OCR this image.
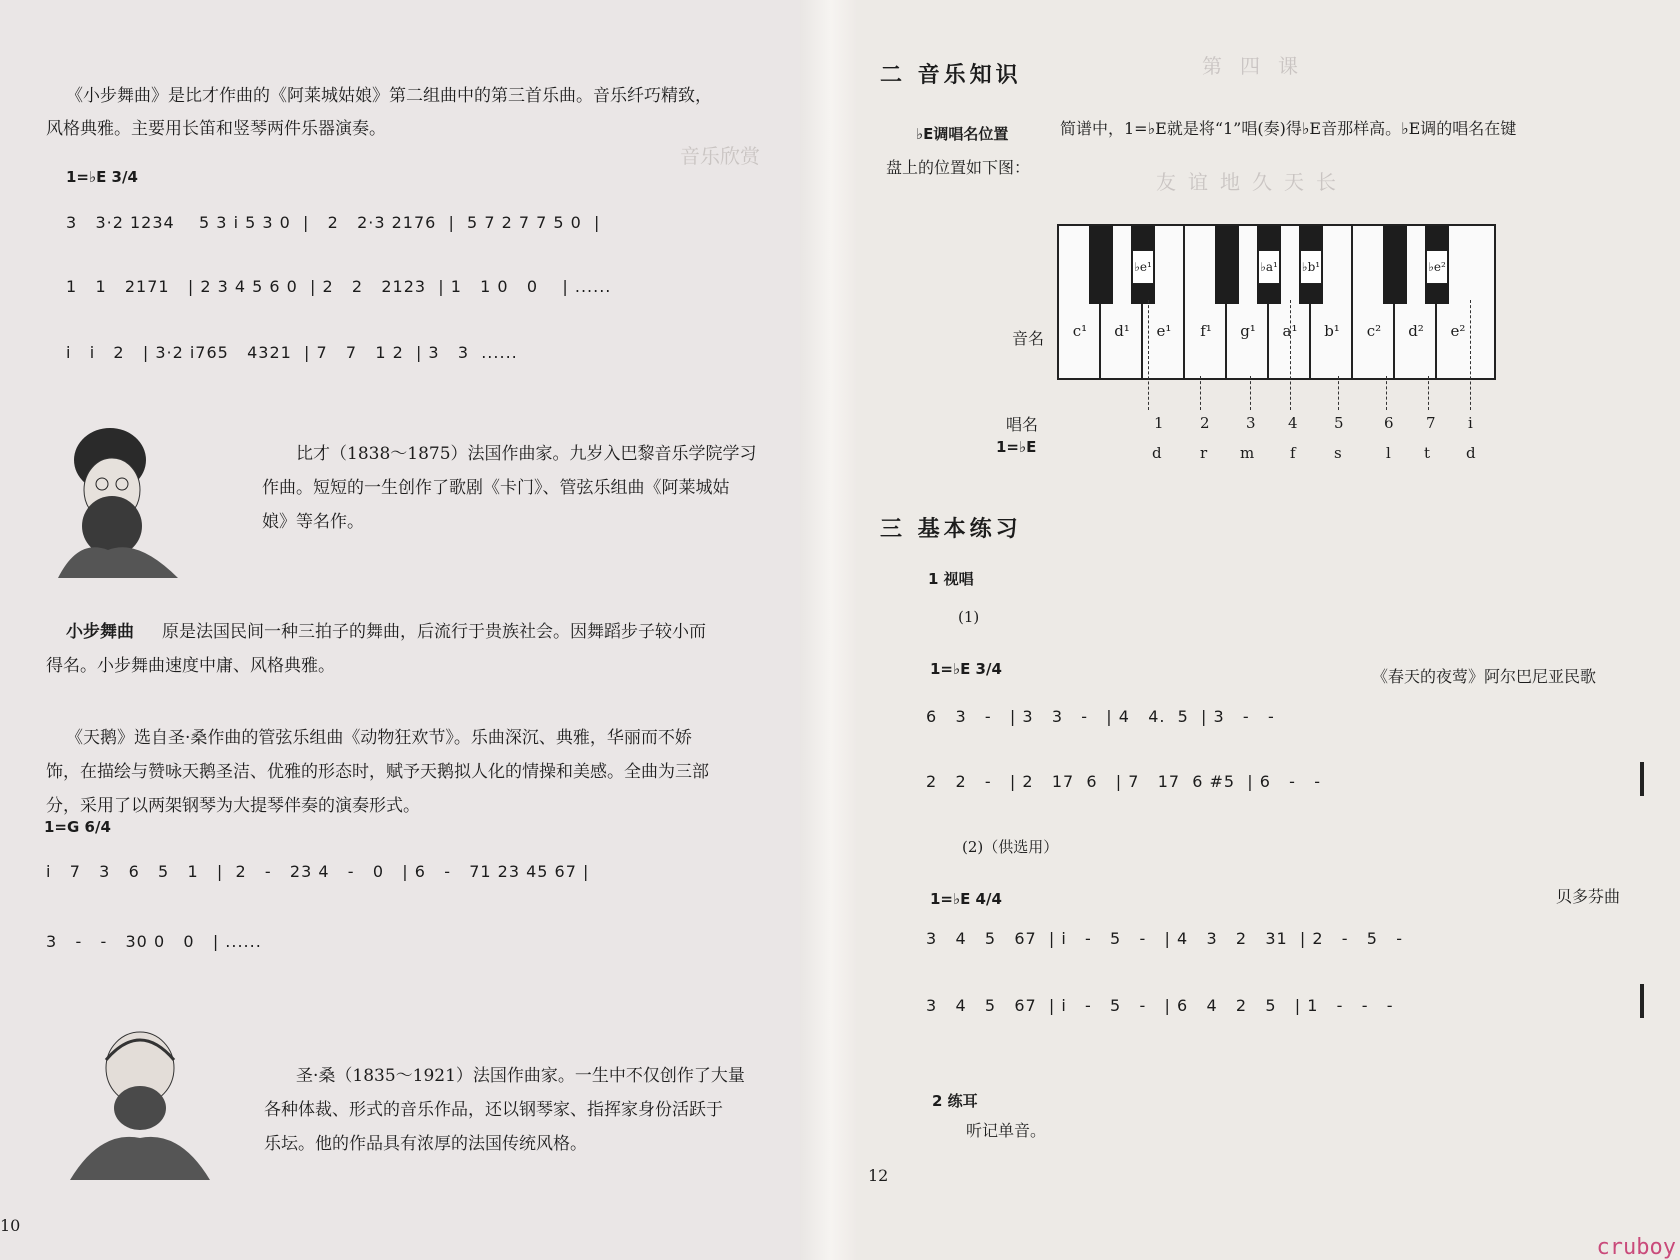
音乐欣赏
《小步舞曲》是比才作曲的《阿莱城姑娘》第二组曲中的第三首乐曲。音乐纤巧精致，
风格典雅。主要用长笛和竖琴两件乐器演奏。
1=♭E 3/4
3   3·2 1234    5 3 i 5 3 0  |   2   2·3 2176  |  5 7 2 7 7 5 0  |
1   1   2171   | 2 3 4 5 6 0  | 2   2   2123  | 1   1 0   0    | ......
i   i   2   | 3·2 i765   4321  | 7   7   1 2  | 3   3  ......
比才（1838～1875）法国作曲家。九岁入巴黎音乐学院学习
作曲。短短的一生创作了歌剧《卡门》、管弦乐组曲《阿莱城姑
娘》等名作。
小步舞曲 原是法国民间一种三拍子的舞曲，后流行于贵族社会。因舞蹈步子较小而
得名。小步舞曲速度中庸、风格典雅。
《天鹅》选自圣·桑作曲的管弦乐组曲《动物狂欢节》。乐曲深沉、典雅，华丽而不娇
饰，在描绘与赞咏天鹅圣洁、优雅的形态时，赋予天鹅拟人化的情操和美感。全曲为三部
分，采用了以两架钢琴为大提琴伴奏的演奏形式。
1=G 6/4
i   7   3   6   5   1   |  2   -   23 4   -   0   | 6   -   71 23 45 67 |
3   -   -   30 0   0   | ......
圣·桑（1835～1921）法国作曲家。一生中不仅创作了大量
各种体裁、形式的音乐作品，还以钢琴家、指挥家身份活跃于
乐坛。他的作品具有浓厚的法国传统风格。
10
第四课
友谊地久天长
二 音乐知识
♭E调唱名位置	简谱中，1=♭E就是将“1”唱(奏)得♭E音那样高。♭E调的唱名在键
盘上的位置如下图：
c¹	d¹	e¹	f¹	g¹	a¹	b¹	c²	d²	e²
♭e¹	♭a¹ ♭b¹	♭e²
音名
唱名
1=♭E
1 2 3 4 5	6 7 i
d	r m f	s	l t d
三 基本练习
1 视唱
(1)
1=♭E 3/4	《春天的夜莺》阿尔巴尼亚民歌
6   3   -   | 3   3   -   | 4   4.  5  | 3   -   -
2   2   -   | 2   17  6   | 7   17  6 #5  | 6   -   -
(2)（供选用）
1=♭E 4/4	贝多芬曲
3   4   5   67  | i   -   5   -   | 4   3   2   31  | 2   -   5   -
3   4   5   67  | i   -   5   -   | 6   4   2   5   | 1   -   -   -
2 练耳
听记单音。
12
cruboy
